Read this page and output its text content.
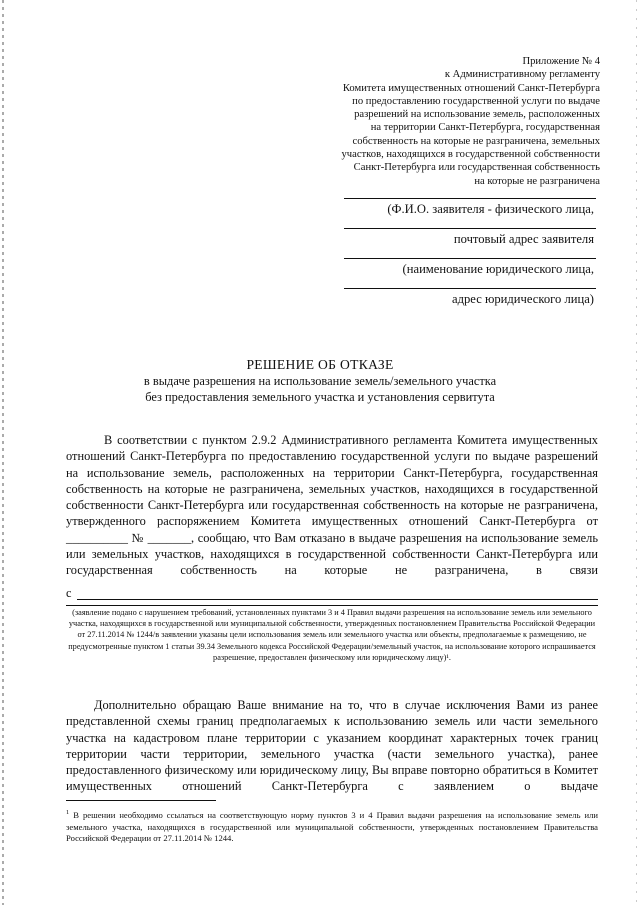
Приложение № 4
к Административному регламенту
Комитета имущественных отношений Санкт-Петербурга
по предоставлению государственной услуги по выдаче
разрешений на использование земель, расположенных
на территории Санкт-Петербурга, государственная
собственность на которые не разграничена, земельных
участков, находящихся в государственной собственности
Санкт-Петербурга или государственная собственность
на которые не разграничена
(Ф.И.О. заявителя - физического лица,
почтовый адрес заявителя
(наименование юридического лица,
адрес юридического лица)
РЕШЕНИЕ ОБ ОТКАЗЕ
в выдаче разрешения на использование земель/земельного участка
без предоставления земельного участка и установления сервитута

В соответствии с пунктом 2.9.2 Административного регламента Комитета имущественных отношений Санкт-Петербурга по предоставлению государственной услуги по выдаче разрешений на использование земель, расположенных на территории Санкт-Петербурга, государственная собственность на которые не разграничена, земельных участков, находящихся в государственной собственности Санкт-Петербурга или государственная собственность на которые не разграничена, утвержденного распоряжением Комитета имущественных отношений Санкт-Петербурга от __________ № _______, сообщаю, что Вам отказано в выдаче разрешения на использование земель или земельных участков, находящихся в государственной собственности Санкт-Петербурга или государственная собственность на которые не разграничена, в связи

с
(заявление подано с нарушением требований, установленных пунктами 3 и 4 Правил выдачи разрешения на использование земель или земельного участка, находящихся в государственной или муниципальной собственности, утвержденных постановлением Правительства Российской Федерации от 27.11.2014 № 1244/в заявлении указаны цели использования земель или земельного участка или объекты, предполагаемые к размещению, не предусмотренные пунктом 1 статьи 39.34 Земельного кодекса Российской Федерации/земельный участок, на использование которого испрашивается разрешение, предоставлен физическому или юридическому лицу)¹.

Дополнительно обращаю Ваше внимание на то, что в случае исключения Вами из ранее представленной схемы границ предполагаемых к использованию земель или части земельного участка на кадастровом плане территории с указанием координат характерных точек границ территории части территории, земельного участка (части земельного участка), ранее предоставленного физическому или юридическому лицу, Вы вправе повторно обратиться в Комитет имущественных отношений Санкт-Петербурга с заявлением о выдаче

$^1$ В решении необходимо ссылаться на соответствующую норму пунктов 3 и 4 Правил выдачи разрешения на использование земель или земельного участка, находящихся в государственной или муниципальной собственности, утвержденных постановлением Правительства Российской Федерации от 27.11.2014 № 1244.
